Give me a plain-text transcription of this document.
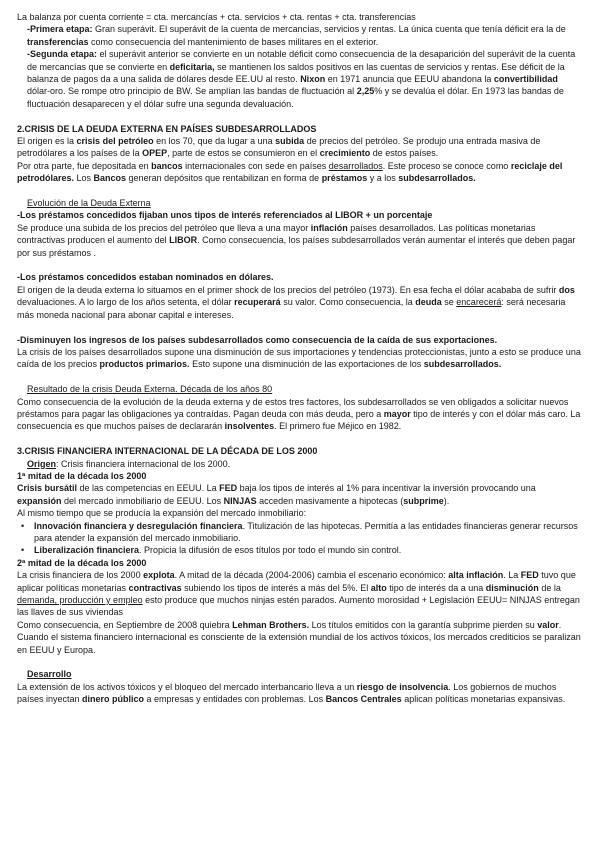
La balanza por cuenta corriente = cta. mercancías + cta. servicios + cta. rentas + cta. transferencias

-Primera etapa: Gran superávit. El superávit de la cuenta de mercancías, servicios y rentas. La única cuenta que tenía déficit era la de transferencias como consecuencia del mantenimiento de bases militares en el exterior.

-Segunda etapa: el superávit anterior se convierte en un notable déficit como consecuencia de la desaparición del superávit de la cuenta de mercancías que se convierte en deficitaria, se mantienen los saldos positivos en las cuentas de servicios y rentas. Ese déficit de la balanza de pagos da a una salida de dólares desde EE.UU al resto. Nixon en 1971 anuncia que EEUU abandona la convertibilidad dólar-oro. Se rompe otro principio de BW. Se amplían las bandas de fluctuación al 2,25% y se devalúa el dólar. En 1973 las bandas de fluctuación desaparecen y el dólar sufre una segunda devaluación.

2.CRISIS DE LA DEUDA EXTERNA EN PAÍSES SUBDESARROLLADOS

El origen es la crisis del petróleo en los 70, que da lugar a una subida de precios del petróleo. Se produjo una entrada masiva de petrodólares a los países de la OPEP, parte de estos se consumieron en el crecimiento de estos países.

Por otra parte, fue depositada en bancos internacionales con sede en países desarrollados. Este proceso se conoce como reciclaje del petrodólares. Los Bancos generan depósitos que rentabilizan en forma de préstamos y a los subdesarrollados.

Evolución de la Deuda Externa

-Los préstamos concedidos fijaban unos tipos de interés referenciados al LIBOR + un porcentaje

Se produce una subida de los precios del petróleo que lleva a una mayor inflación países desarrollados. Las políticas monetarias contractivas producen el aumento del LIBOR. Como consecuencia, los países subdesarrollados verán aumentar el interés que deben pagar por sus préstamos .

-Los préstamos concedidos estaban nominados en dólares.

El origen de la deuda externa lo situamos en el primer shock de los precios del petróleo (1973). En esa fecha el dólar acababa de sufrir dos devaluaciones. A lo largo de los años setenta, el dólar recuperará su valor. Como consecuencia, la deuda se encarecerá: será necesaria más moneda nacional para abonar capital e intereses.

-Disminuyen los ingresos de los países subdesarrollados como consecuencia de la caída de sus exportaciones.

La crisis de los países desarrollados supone una disminución de sus importaciones y tendencias proteccionistas, junto a esto se produce una caída de los precios productos primarios. Esto supone una disminución de las exportaciones de los subdesarrollados.

Resultado de la crisis Deuda Externa. Década de los años 80

Como consecuencia de la evolución de la deuda externa y de estos tres factores, los subdesarrollados se ven obligados a solicitar nuevos préstamos para pagar las obligaciones ya contraídas. Pagan deuda con más deuda, pero a mayor tipo de interés y con el dólar más caro. La consecuencia es que muchos países de declararán insolventes. El primero fue Méjico en 1982.

3.CRISIS FINANCIERA INTERNACIONAL DE LA DÉCADA DE LOS 2000

Origen: Crisis financiera internacional de los 2000.

1ª mitad de la década los 2000

Crisis bursátil de las competencias en EEUU. La FED baja los tipos de interés al 1% para incentivar la inversión provocando una expansión del mercado inmobiliario de EEUU. Los NINJAS acceden masivamente a hipotecas (subprime).

Al mismo tiempo que se producía la expansión del mercado inmobiliario:

• Innovación financiera y desregulación financiera. Titulización de las hipotecas. Permitía a las entidades financieras generar recursos para atender la expansión del mercado inmobiliario.
• Liberalización financiera. Propicia la difusión de esos títulos por todo el mundo sin control.

2ª mitad de la década los 2000

La crisis financiera de los 2000 explota. A mitad de la década (2004-2006) cambia el escenario económico: alta inflación. La FED tuvo que aplicar políticas monetarias contractivas subiendo los tipos de interés a más del 5%. El alto tipo de interés da a una disminución de la demanda, producción y empleo esto produce que muchos ninjas estén parados. Aumento morosidad + Legislación EEUU= NINJAS entregan las llaves de sus viviendas

Como consecuencia, en Septiembre de 2008 quiebra Lehman Brothers. Los títulos emitidos con la garantía subprime pierden su valor. Cuando el sistema financiero internacional es consciente de la extensión mundial de los activos tóxicos, los mercados crediticios se paralizan en EEUU y Europa.

Desarrollo

La extensión de los activos tóxicos y el bloqueo del mercado interbancario lleva a un riesgo de insolvencia. Los gobiernos de muchos países inyectan dinero público a empresas y entidades con problemas. Los Bancos Centrales aplican políticas monetarias expansivas.
